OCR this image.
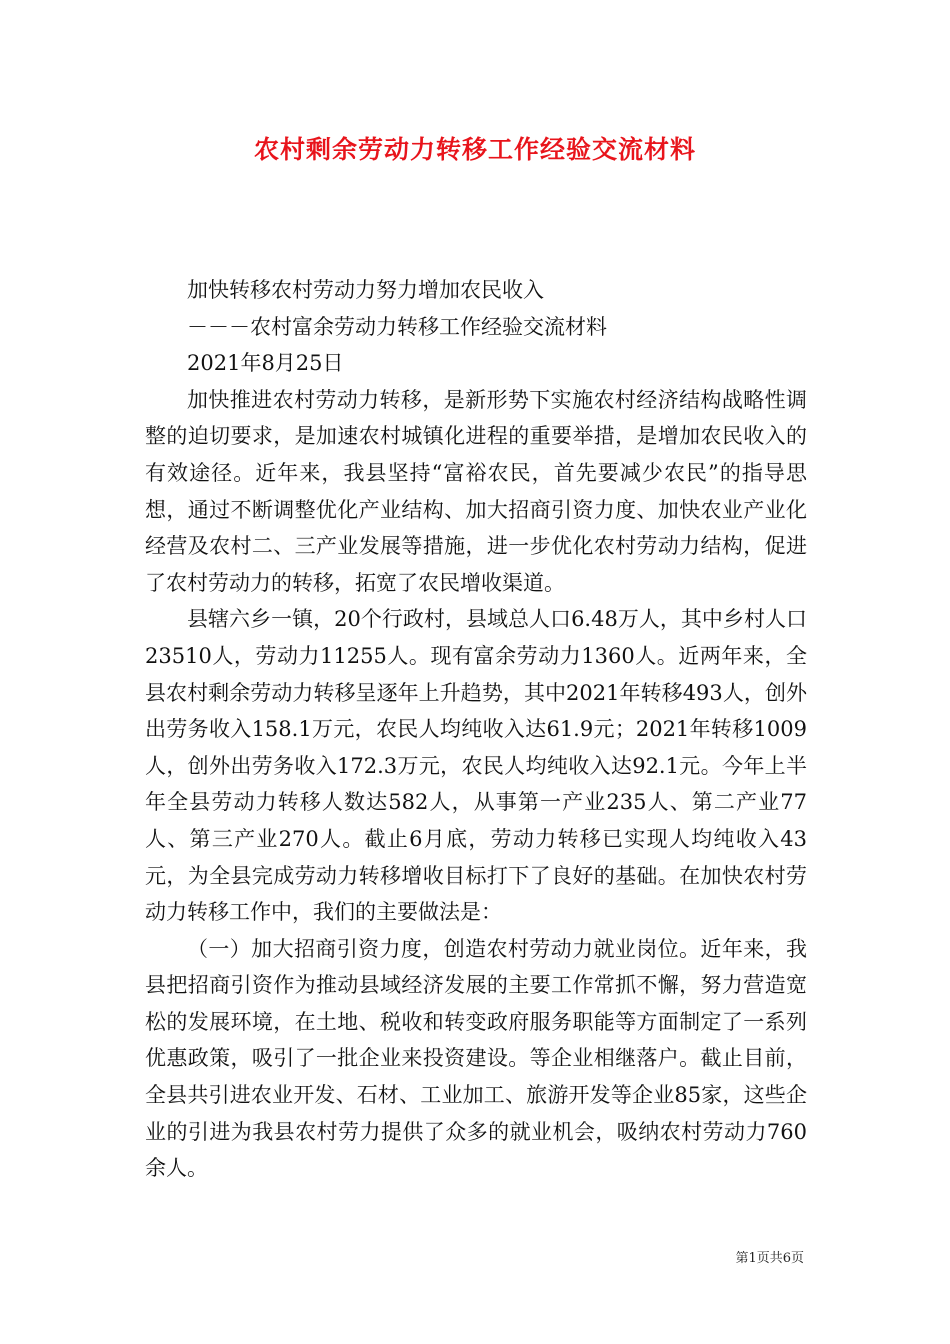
农村剩余劳动力转移工作经验交流材料

加快转移农村劳动力努力增加农民收入

－－－农村富余劳动力转移工作经验交流材料

2021年8月25日

加快推进农村劳动力转移，是新形势下实施农村经济结构战略性调整的迫切要求，是加速农村城镇化进程的重要举措，是增加农民收入的有效途径。近年来，我县坚持“富裕农民，首先要减少农民”的指导思想，通过不断调整优化产业结构、加大招商引资力度、加快农业产业化经营及农村二、三产业发展等措施，进一步优化农村劳动力结构，促进了农村劳动力的转移，拓宽了农民增收渠道。

县辖六乡一镇，20个行政村，县域总人口6.48万人，其中乡村人口23510人，劳动力11255人。现有富余劳动力1360人。近两年来，全县农村剩余劳动力转移呈逐年上升趋势，其中2021年转移493人，创外出劳务收入158.1万元，农民人均纯收入达61.9元；2021年转移1009人，创外出劳务收入172.3万元，农民人均纯收入达92.1元。今年上半年全县劳动力转移人数达582人，从事第一产业235人、第二产业77人、第三产业270人。截止6月底，劳动力转移已实现人均纯收入43元，为全县完成劳动力转移增收目标打下了良好的基础。在加快农村劳动力转移工作中，我们的主要做法是：

（一）加大招商引资力度，创造农村劳动力就业岗位。近年来，我县把招商引资作为推动县域经济发展的主要工作常抓不懈，努力营造宽松的发展环境，在土地、税收和转变政府服务职能等方面制定了一系列优惠政策，吸引了一批企业来投资建设。等企业相继落户。截止目前，全县共引进农业开发、石材、工业加工、旅游开发等企业85家，这些企业的引进为我县农村劳力提供了众多的就业机会，吸纳农村劳动力760余人。

第1页共6页
